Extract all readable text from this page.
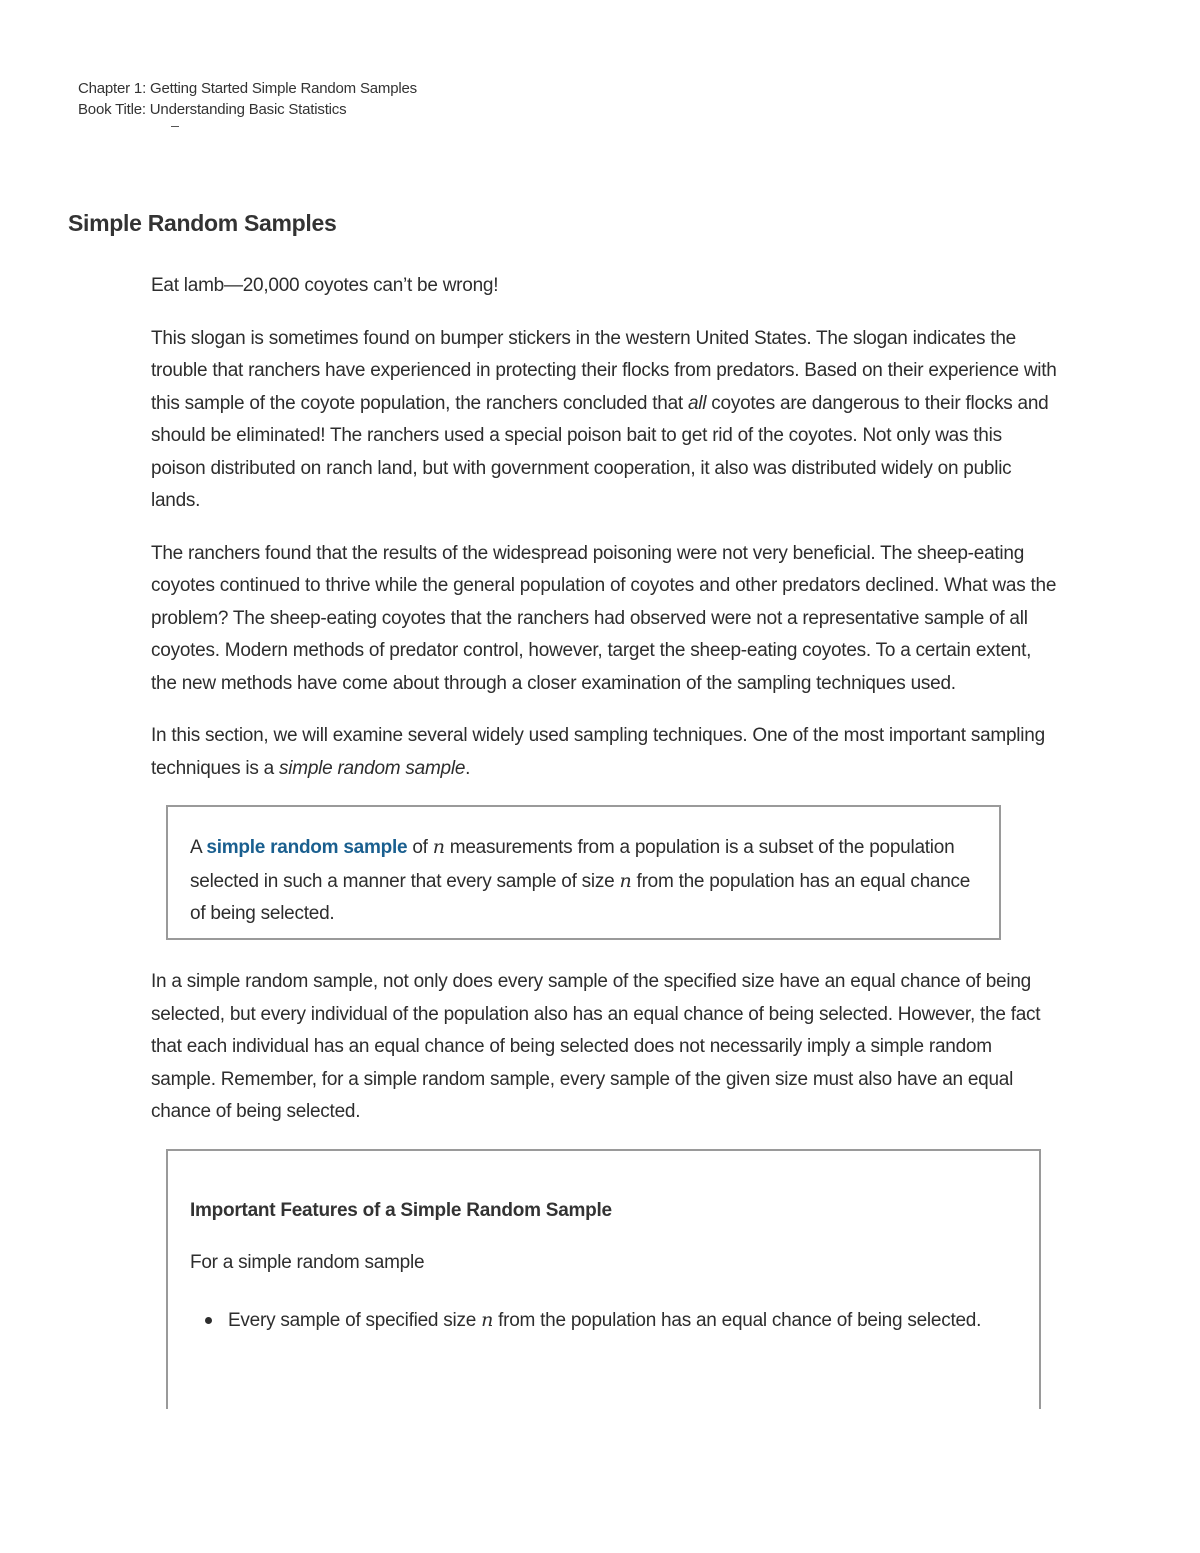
Chapter 1: Getting Started Simple Random Samples
Book Title: Understanding Basic Statistics
Simple Random Samples

Eat lamb—20,000 coyotes can’t be wrong!

This slogan is sometimes found on bumper stickers in the western United States. The slogan indicates the trouble that ranchers have experienced in protecting their flocks from predators. Based on their experience with this sample of the coyote population, the ranchers concluded that all coyotes are dangerous to their flocks and should be eliminated! The ranchers used a special poison bait to get rid of the coyotes. Not only was this poison distributed on ranch land, but with government cooperation, it also was distributed widely on public lands.

The ranchers found that the results of the widespread poisoning were not very beneficial. The sheep-eating coyotes continued to thrive while the general population of coyotes and other predators declined. What was the problem? The sheep-eating coyotes that the ranchers had observed were not a representative sample of all coyotes. Modern methods of predator control, however, target the sheep-eating coyotes. To a certain extent, the new methods have come about through a closer examination of the sampling techniques used.

In this section, we will examine several widely used sampling techniques. One of the most important sampling techniques is a simple random sample.

A simple random sample of n measurements from a population is a subset of the population selected in such a manner that every sample of size n from the population has an equal chance of being selected.

In a simple random sample, not only does every sample of the specified size have an equal chance of being selected, but every individual of the population also has an equal chance of being selected. However, the fact that each individual has an equal chance of being selected does not necessarily imply a simple random sample. Remember, for a simple random sample, every sample of the given size must also have an equal chance of being selected.

Important Features of a Simple Random Sample

For a simple random sample

Every sample of specified size n from the population has an equal chance of being selected.
